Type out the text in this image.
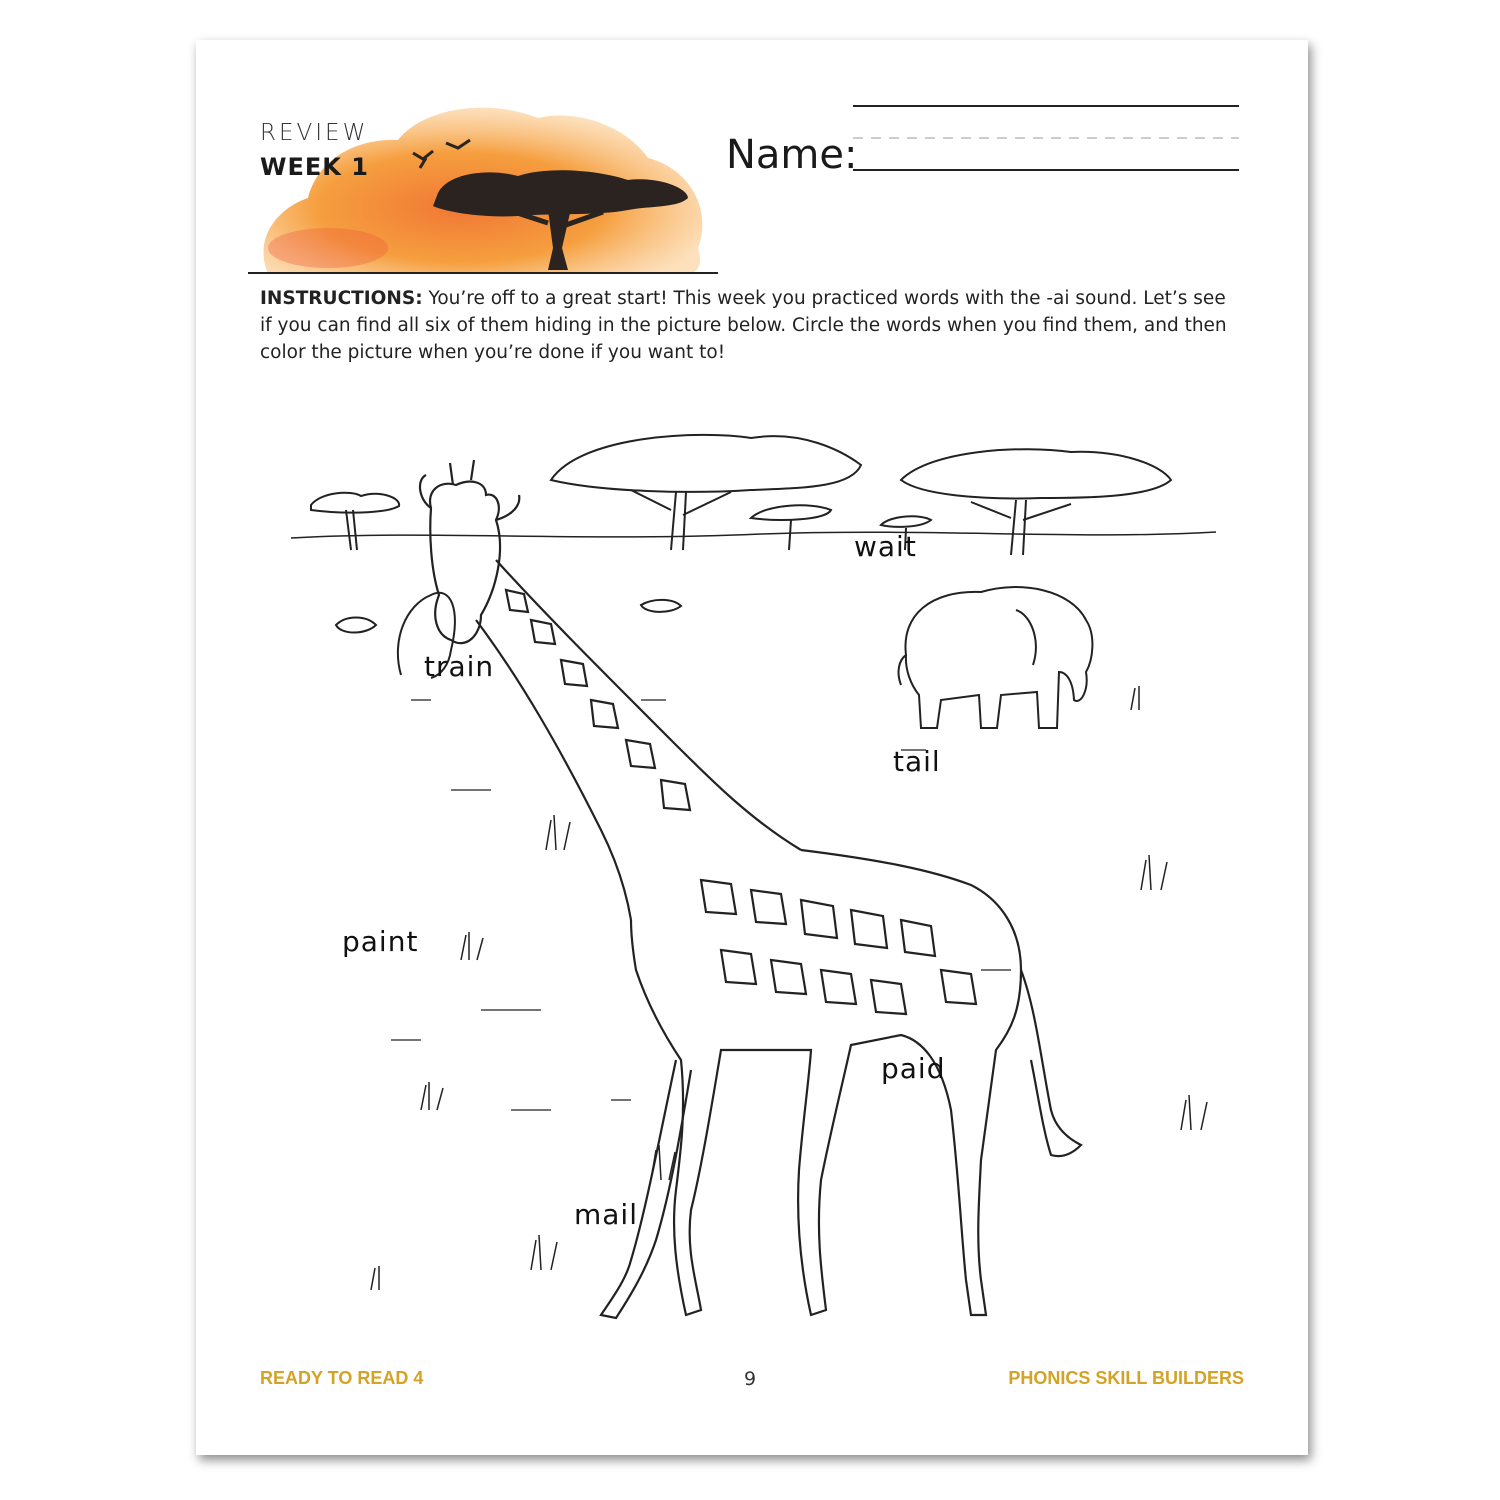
REVIEW
WEEK 1	Name:
INSTRUCTIONS: You’re off to a great start! This week you practiced words with the -ai sound. Let’s see if you can find all six of them hiding in the picture below. Circle the words when you find them, and then color the picture when you’re done if you want to!
wait
train
tail
paint
paid
mail
READY TO READ 4	9	PHONICS SKILL BUILDERS
